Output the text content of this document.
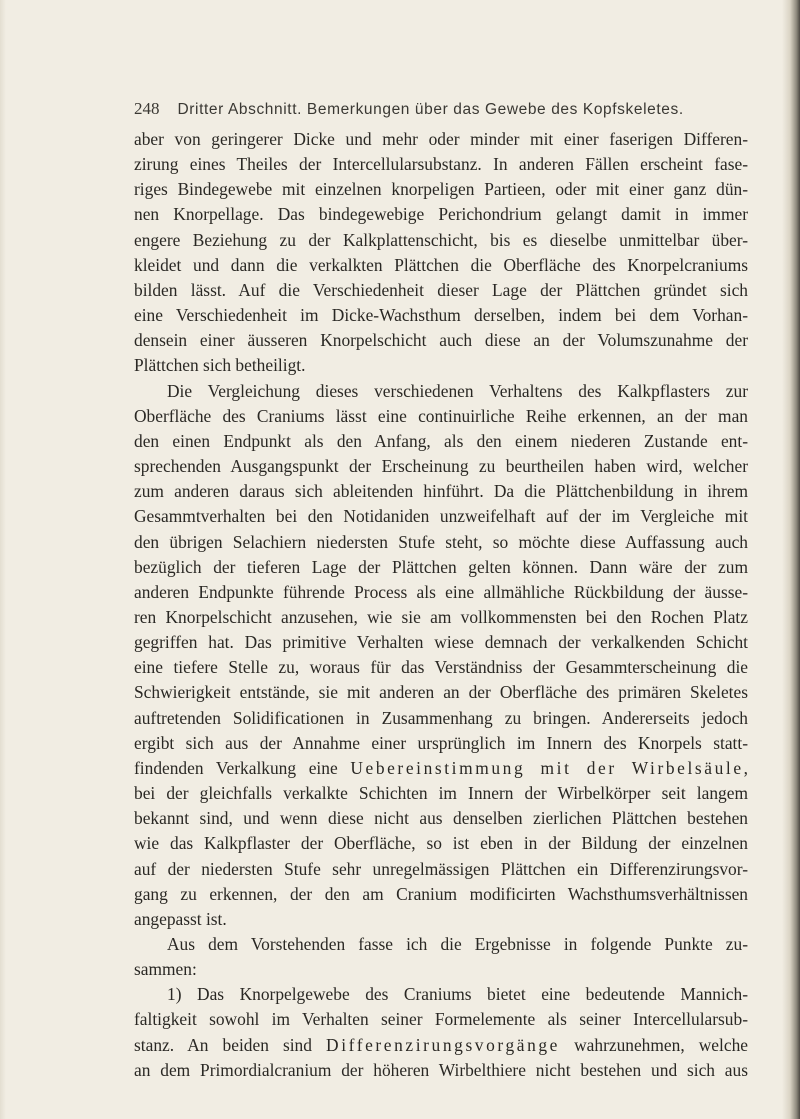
248 Dritter Abschnitt. Bemerkungen über das Gewebe des Kopfskeletes.
aber von geringerer Dicke und mehr oder minder mit einer faserigen Differen-
zirung eines Theiles der Intercellularsubstanz. In anderen Fällen erscheint fase-
riges Bindegewebe mit einzelnen knorpeligen Partieen, oder mit einer ganz dün-
nen Knorpellage. Das bindegewebige Perichondrium gelangt damit in immer
engere Beziehung zu der Kalkplattenschicht, bis es dieselbe unmittelbar über-
kleidet und dann die verkalkten Plättchen die Oberfläche des Knorpelcraniums
bilden lässt. Auf die Verschiedenheit dieser Lage der Plättchen gründet sich
eine Verschiedenheit im Dicke-Wachsthum derselben, indem bei dem Vorhan-
densein einer äusseren Knorpelschicht auch diese an der Volumszunahme der
Plättchen sich betheiligt.
Die Vergleichung dieses verschiedenen Verhaltens des Kalkpflasters zur
Oberfläche des Craniums lässt eine continuirliche Reihe erkennen, an der man
den einen Endpunkt als den Anfang, als den einem niederen Zustande ent-
sprechenden Ausgangspunkt der Erscheinung zu beurtheilen haben wird, welcher
zum anderen daraus sich ableitenden hinführt. Da die Plättchenbildung in ihrem
Gesammtverhalten bei den Notidaniden unzweifelhaft auf der im Vergleiche mit
den übrigen Selachiern niedersten Stufe steht, so möchte diese Auffassung auch
bezüglich der tieferen Lage der Plättchen gelten können. Dann wäre der zum
anderen Endpunkte führende Process als eine allmähliche Rückbildung der äusse-
ren Knorpelschicht anzusehen, wie sie am vollkommensten bei den Rochen Platz
gegriffen hat. Das primitive Verhalten wiese demnach der verkalkenden Schicht
eine tiefere Stelle zu, woraus für das Verständniss der Gesammterscheinung die
Schwierigkeit entstände, sie mit anderen an der Oberfläche des primären Skeletes
auftretenden Solidificationen in Zusammenhang zu bringen. Andererseits jedoch
ergibt sich aus der Annahme einer ursprünglich im Innern des Knorpels statt-
findenden Verkalkung eine Uebereinstimmung mit der Wirbelsäule,
bei der gleichfalls verkalkte Schichten im Innern der Wirbelkörper seit langem
bekannt sind, und wenn diese nicht aus denselben zierlichen Plättchen bestehen
wie das Kalkpflaster der Oberfläche, so ist eben in der Bildung der einzelnen
auf der niedersten Stufe sehr unregelmässigen Plättchen ein Differenzirungsvor-
gang zu erkennen, der den am Cranium modificirten Wachsthumsverhältnissen
angepasst ist.
Aus dem Vorstehenden fasse ich die Ergebnisse in folgende Punkte zu-
sammen:
1) Das Knorpelgewebe des Craniums bietet eine bedeutende Mannich-
faltigkeit sowohl im Verhalten seiner Formelemente als seiner Intercellularsub-
stanz. An beiden sind Differenzirungsvorgänge wahrzunehmen, welche
an dem Primordialcranium der höheren Wirbelthiere nicht bestehen und sich aus
